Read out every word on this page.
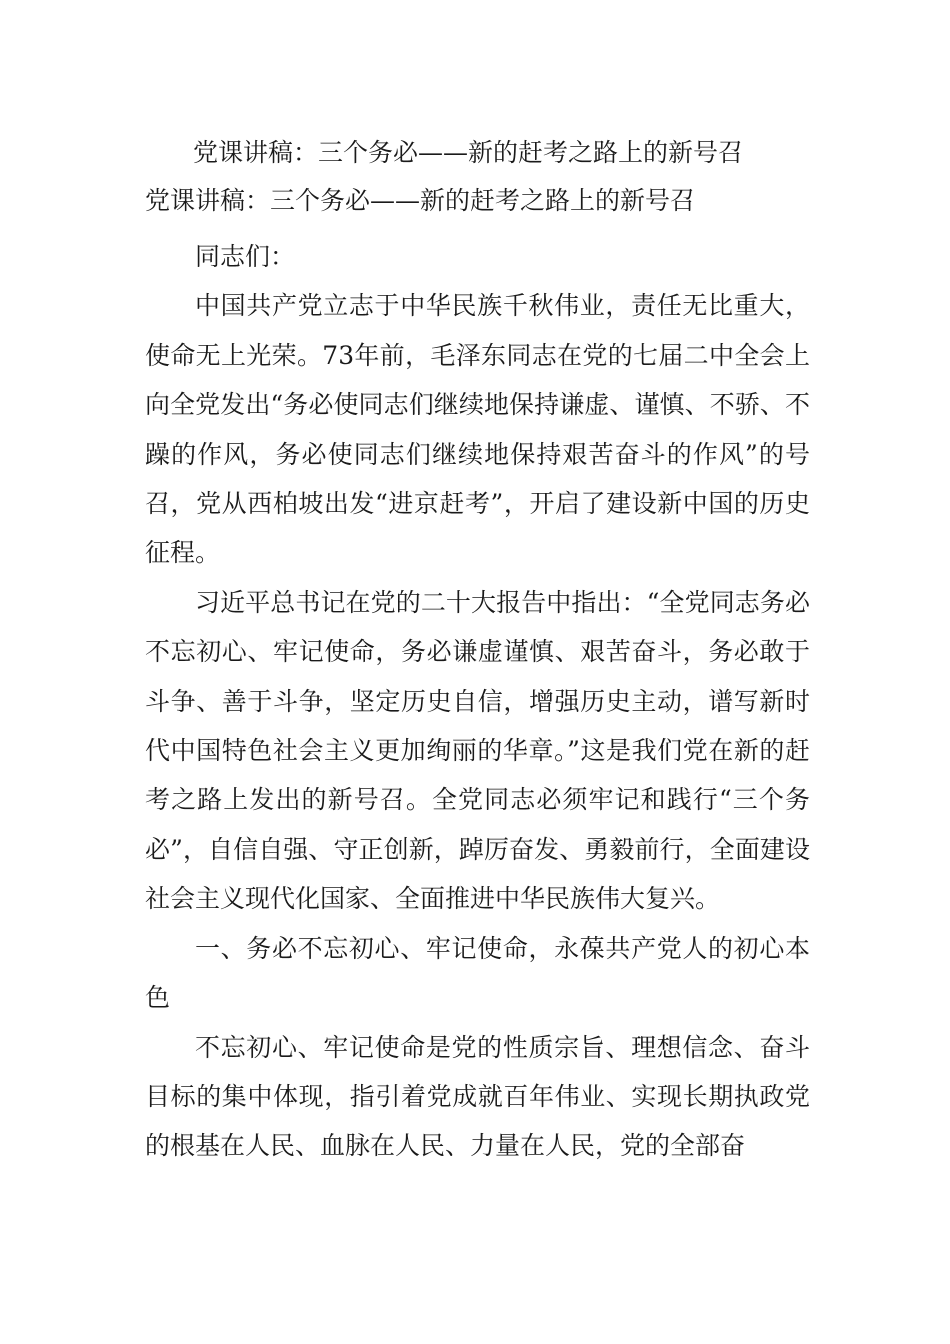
党课讲稿：三个务必——新的赶考之路上的新号召
党课讲稿：三个务必——新的赶考之路上的新号召

同志们：

中国共产党立志于中华民族千秋伟业，责任无比重大，使命无上光荣。73年前，毛泽东同志在党的七届二中全会上向全党发出“务必使同志们继续地保持谦虚、谨慎、不骄、不躁的作风，务必使同志们继续地保持艰苦奋斗的作风”的号召，党从西柏坡出发“进京赶考”，开启了建设新中国的历史征程。

习近平总书记在党的二十大报告中指出：“全党同志务必不忘初心、牢记使命，务必谦虚谨慎、艰苦奋斗，务必敢于斗争、善于斗争，坚定历史自信，增强历史主动，谱写新时代中国特色社会主义更加绚丽的华章。”这是我们党在新的赶考之路上发出的新号召。全党同志必须牢记和践行“三个务必”，自信自强、守正创新，踔厉奋发、勇毅前行，全面建设社会主义现代化国家、全面推进中华民族伟大复兴。

一、务必不忘初心、牢记使命，永葆共产党人的初心本色

不忘初心、牢记使命是党的性质宗旨、理想信念、奋斗目标的集中体现，指引着党成就百年伟业、实现长期执政党的根基在人民、血脉在人民、力量在人民，党的全部奋
